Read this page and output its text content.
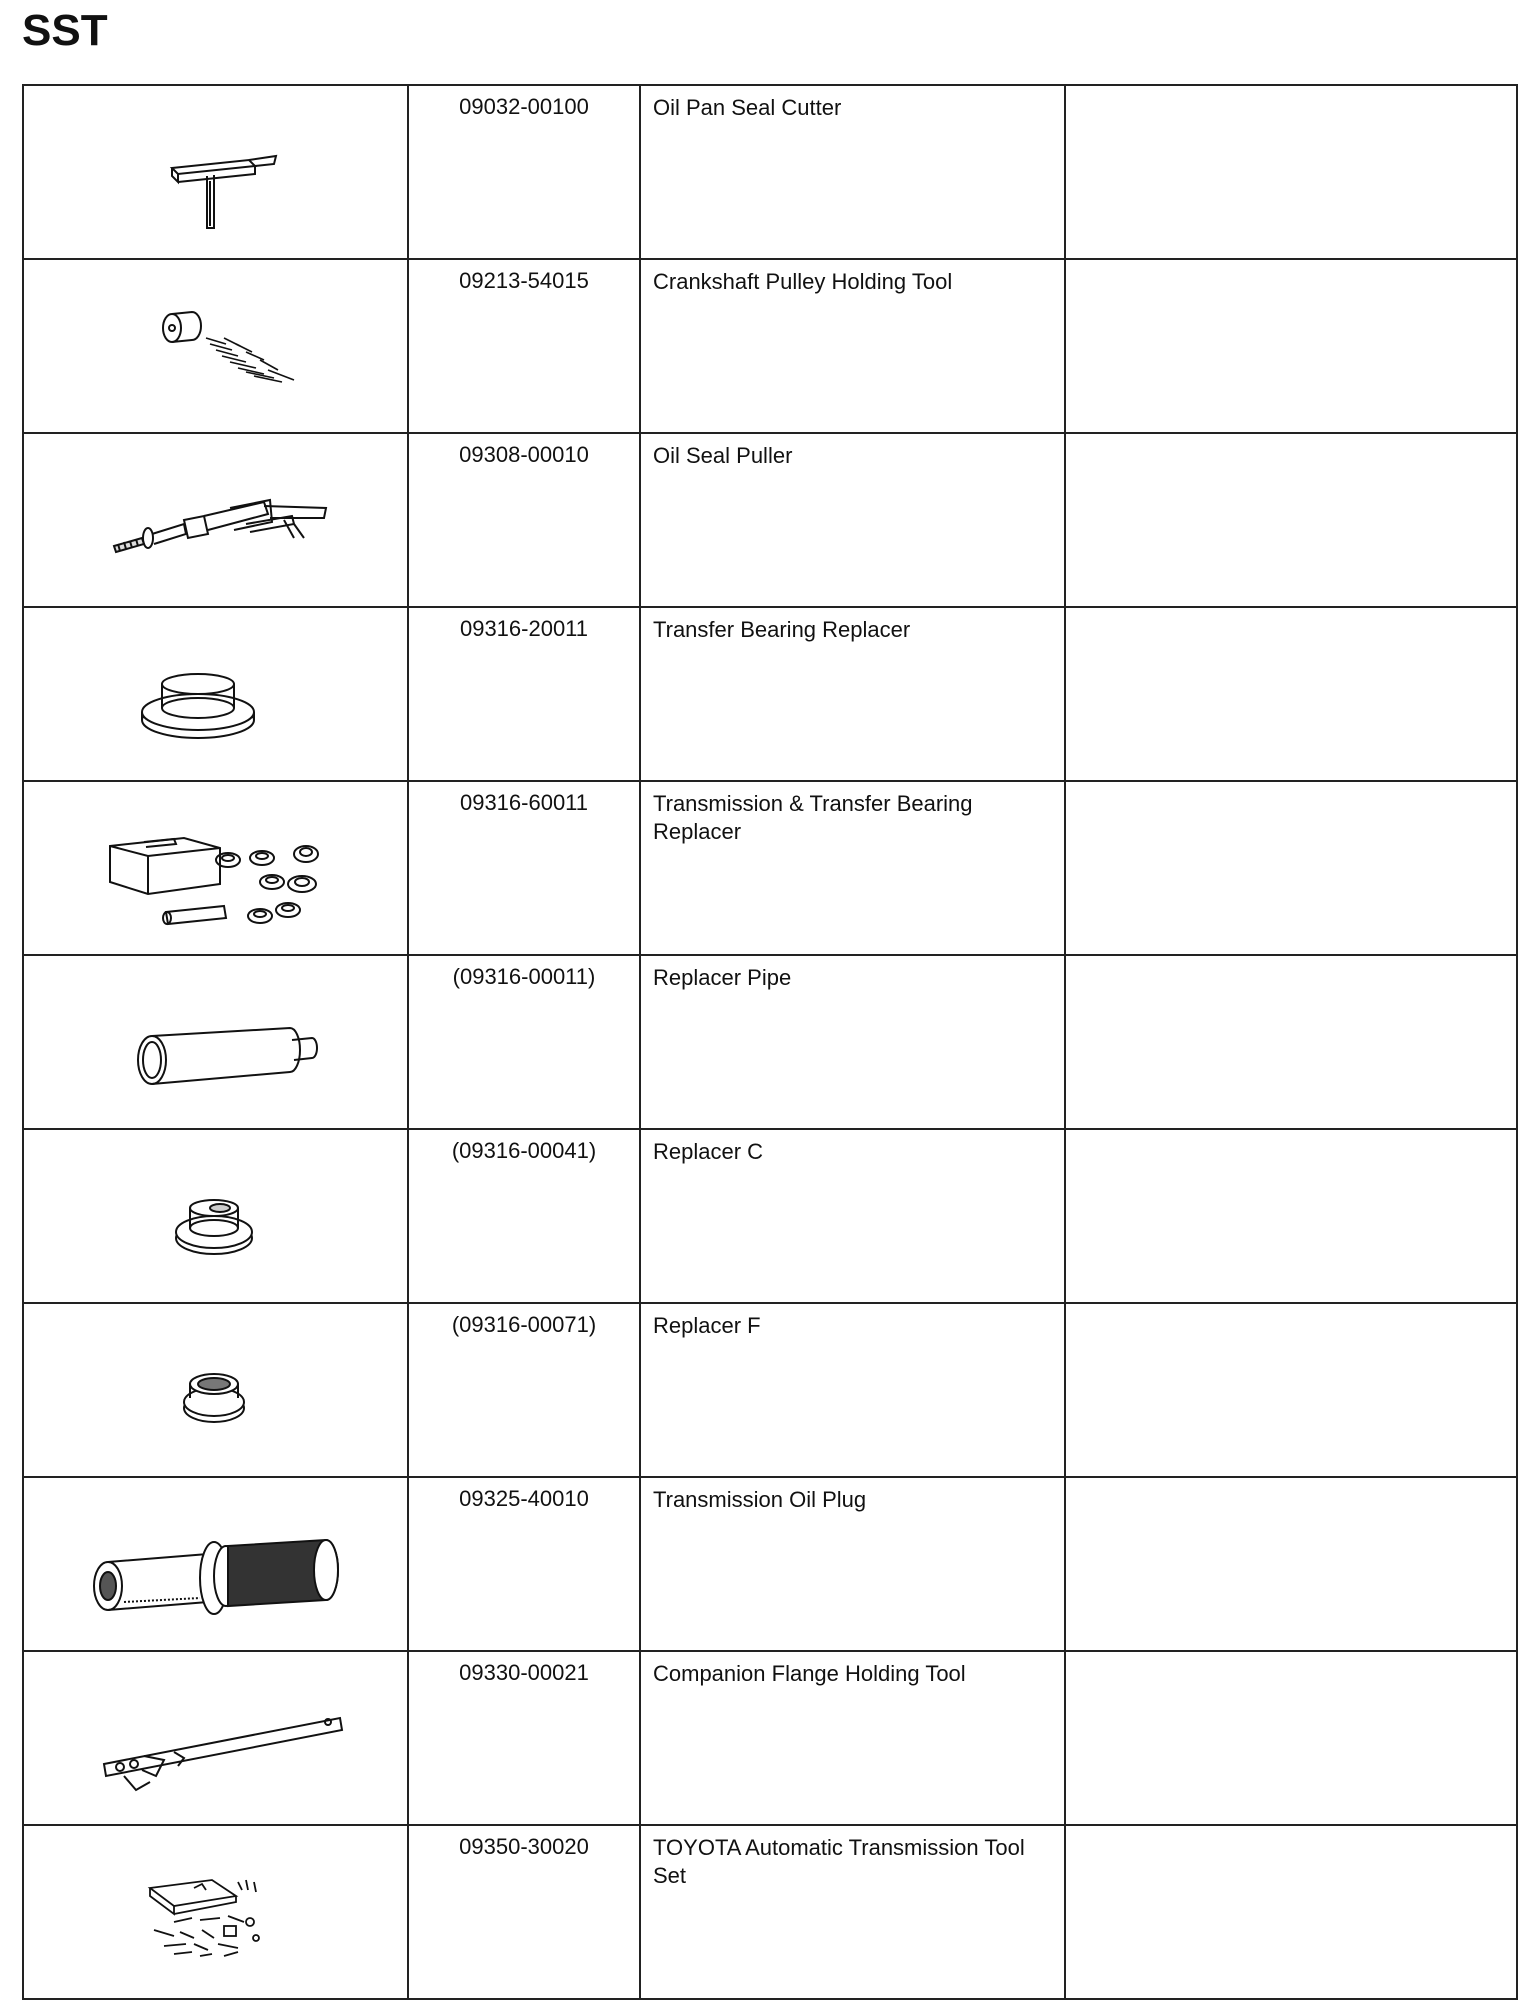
SST
	09032-00100	Oil Pan Seal Cutter	

	09213-54015	Crankshaft Pulley Holding Tool	

	09308-00010	Oil Seal Puller	

	09316-20011	Transfer Bearing Replacer	

	09316-60011	Transmission & Transfer Bearing Replacer	

	(09316-00011)	Replacer Pipe	

	(09316-00041)	Replacer C	

	(09316-00071)	Replacer F	

	09325-40010	Transmission Oil Plug	

	09330-00021	Companion Flange Holding Tool	

	09350-30020	TOYOTA Automatic Transmission Tool Set	
